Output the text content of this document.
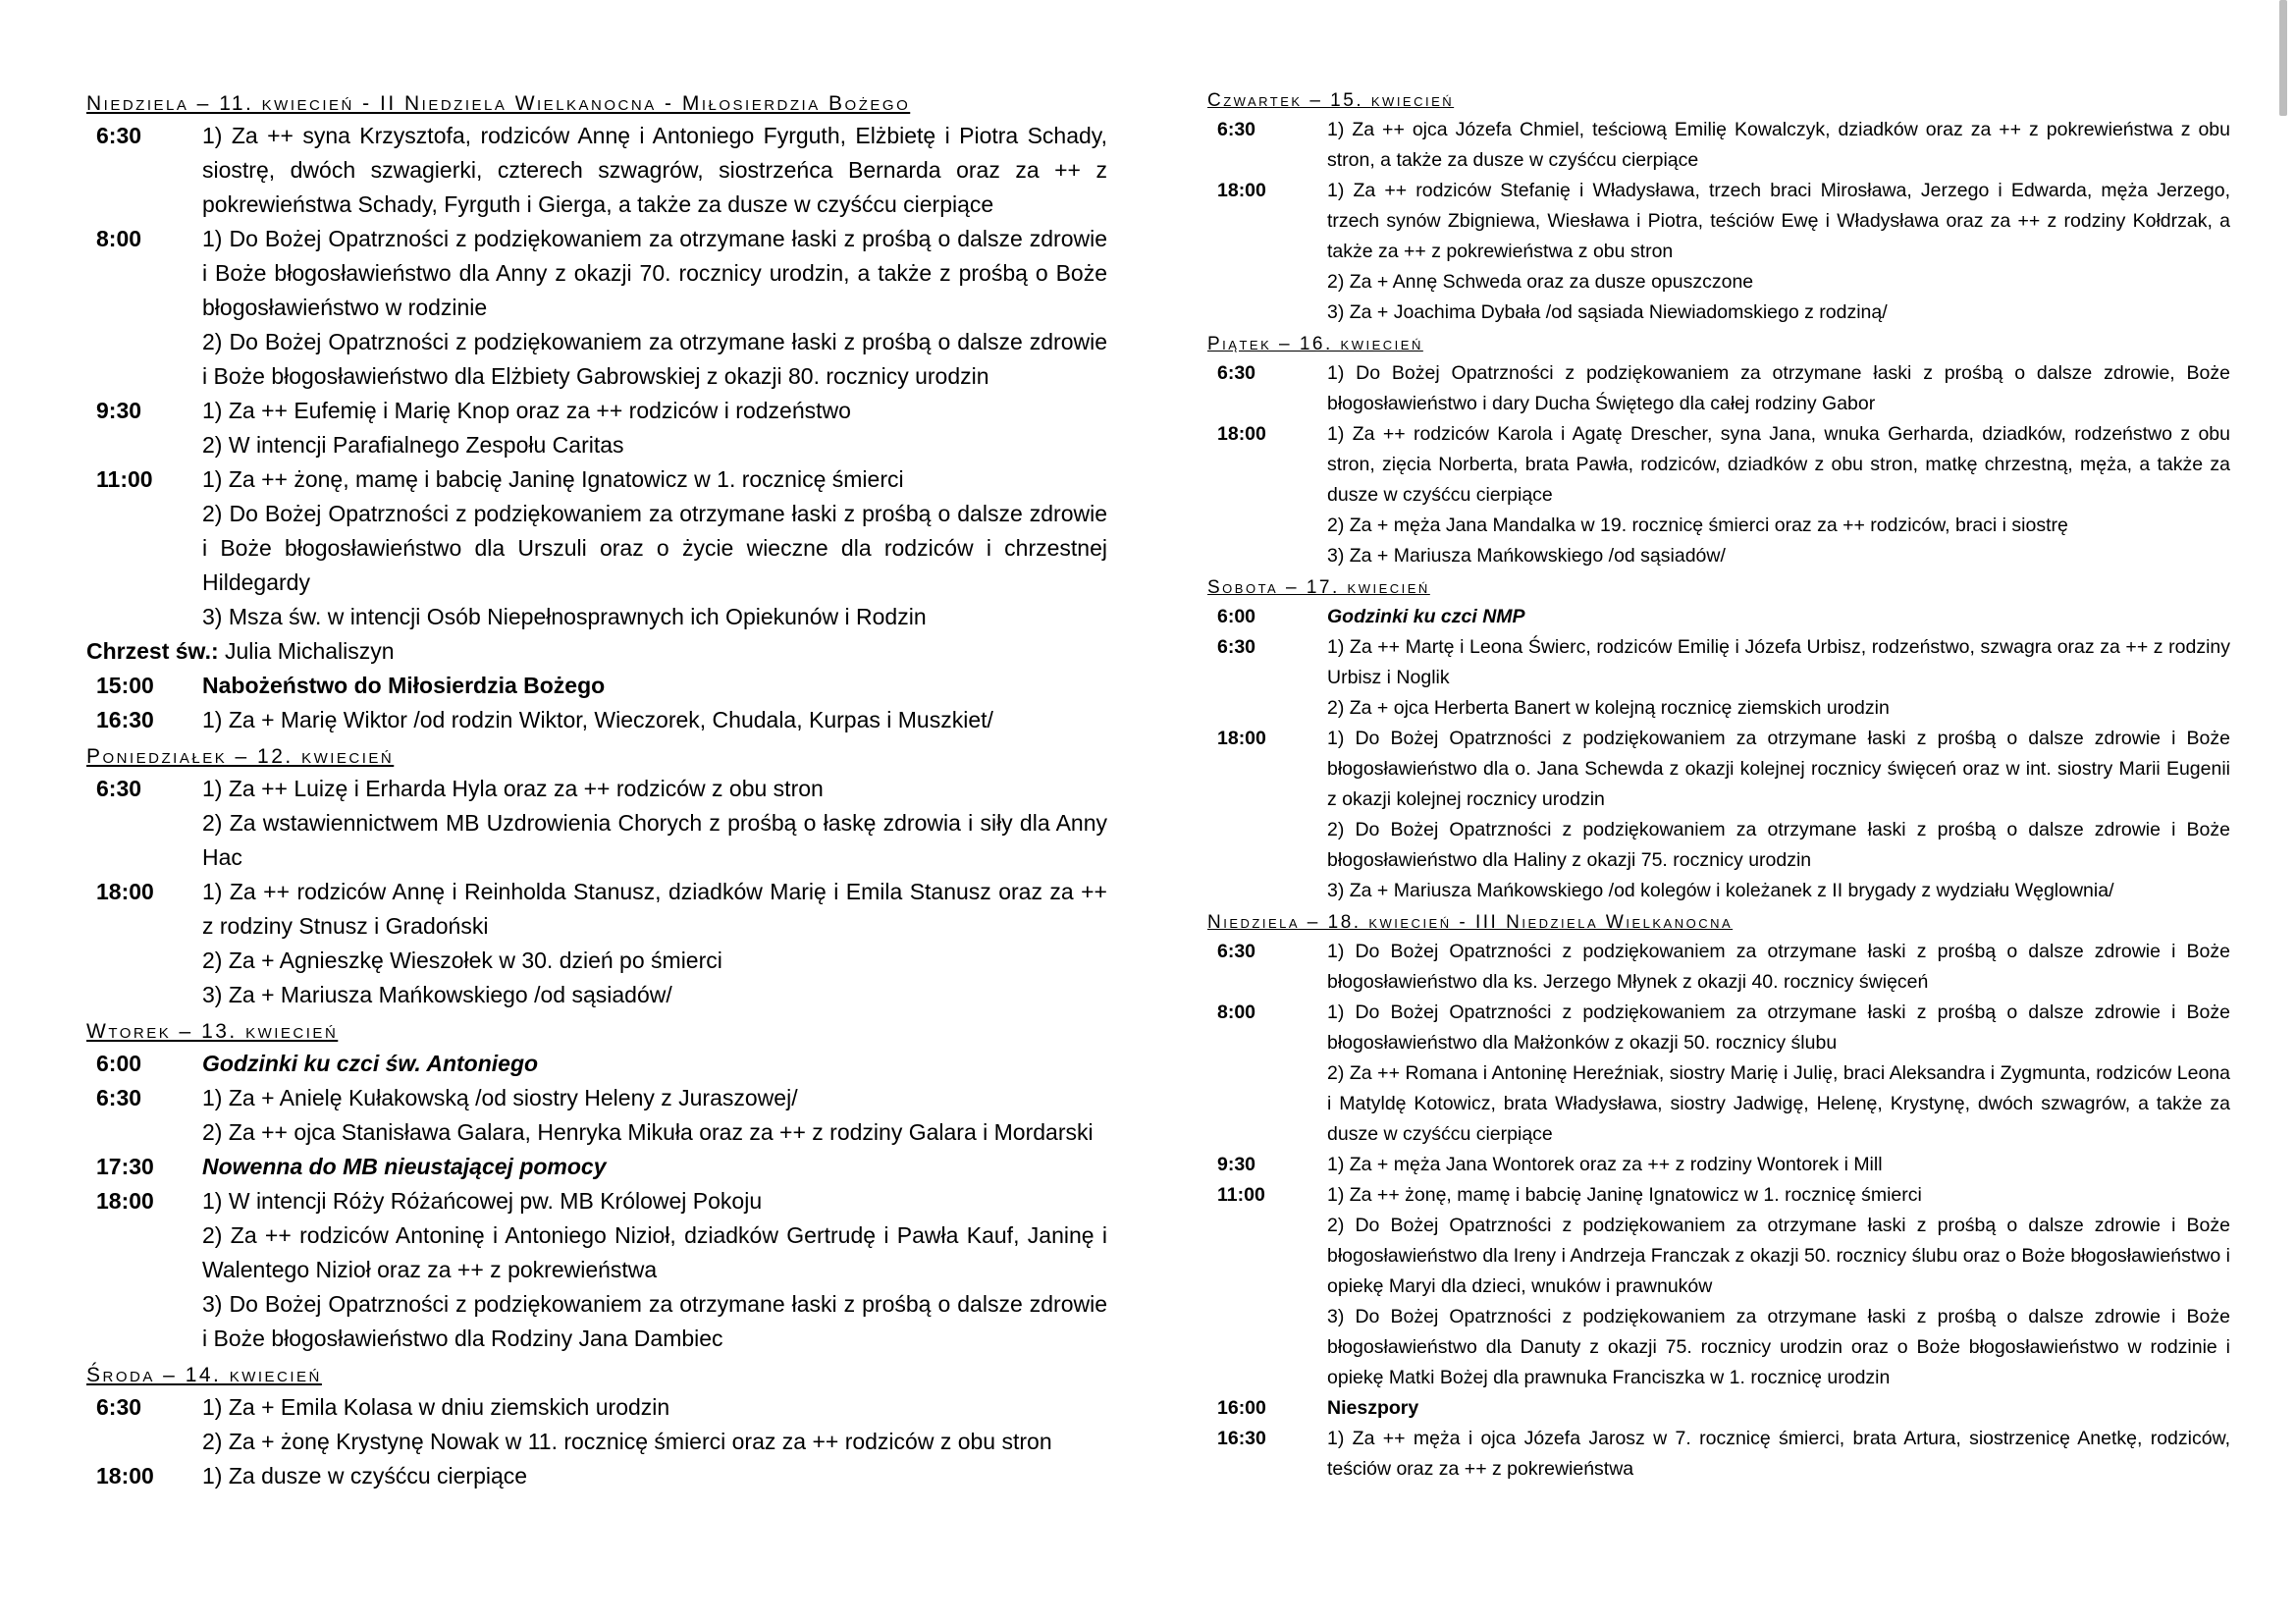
Niedziela – 11. kwiecień - II Niedziela Wielkanocna - Miłosierdzia Bożego
6:30	1) Za ++ syna Krzysztofa, rodziców Annę i Antoniego Fyrguth, Elżbietę i Piotra Schady, siostrę, dwóch szwagierki, czterech szwagrów, siostrzeńca Bernarda oraz za ++ z pokrewieństwa Schady, Fyrguth i Gierga, a także za dusze w czyśćcu cierpiące
8:00	1) Do Bożej Opatrzności z podziękowaniem za otrzymane łaski z prośbą o dalsze zdrowie i Boże błogosławieństwo dla Anny z okazji 70. rocznicy urodzin, a także z prośbą o Boże błogosławieństwo w rodzinie
2) Do Bożej Opatrzności z podziękowaniem za otrzymane łaski z prośbą o dalsze zdrowie i Boże błogosławieństwo dla Elżbiety Gabrowskiej z okazji 80. rocznicy urodzin
9:30	1) Za ++ Eufemię i Marię Knop oraz za ++ rodziców i rodzeństwo
2) W intencji Parafialnego Zespołu Caritas
11:00	1) Za ++ żonę, mamę i babcię Janinę Ignatowicz w 1. rocznicę śmierci
2) Do Bożej Opatrzności z podziękowaniem za otrzymane łaski z prośbą o dalsze zdrowie i Boże błogosławieństwo dla Urszuli oraz o życie wieczne dla rodziców i chrzestnej Hildegardy
3) Msza św. w intencji Osób Niepełnosprawnych ich Opiekunów i Rodzin
Chrzest św.: Julia Michaliszyn
15:00	Nabożeństwo do Miłosierdzia Bożego
16:30	1) Za + Marię Wiktor /od rodzin Wiktor, Wieczorek, Chudala, Kurpas i Muszkiet/
Poniedziałek – 12. kwiecień
6:30	1) Za ++ Luizę i Erharda Hyla oraz za ++ rodziców z obu stron
2) Za wstawiennictwem MB Uzdrowienia Chorych z prośbą o łaskę zdrowia i siły dla Anny Hac
18:00	1) Za ++ rodziców Annę i Reinholda Stanusz, dziadków Marię i Emila Stanusz oraz za ++ z rodziny Stnusz i Gradoński
2) Za + Agnieszkę Wieszołek w 30. dzień po śmierci
3) Za + Mariusza Mańkowskiego /od sąsiadów/
Wtorek – 13. kwiecień
6:00	Godzinki ku czci św. Antoniego
6:30	1) Za + Anielę Kułakowską /od siostry Heleny z Juraszowej/
2) Za ++ ojca Stanisława Galara, Henryka Mikuła oraz za ++ z rodziny Galara i Mordarski
17:30	Nowenna do MB nieustającej pomocy
18:00	1) W intencji Róży Różańcowej pw. MB Królowej Pokoju
2) Za ++ rodziców Antoninę i Antoniego Nizioł, dziadków Gertrudę i Pawła Kauf, Janinę i Walentego Nizioł oraz za ++ z pokrewieństwa
3) Do Bożej Opatrzności z podziękowaniem za otrzymane łaski z prośbą o dalsze zdrowie i Boże błogosławieństwo dla Rodziny Jana Dambiec
Środa – 14. kwiecień
6:30	1) Za + Emila Kolasa w dniu ziemskich urodzin
2) Za + żonę Krystynę Nowak w 11. rocznicę śmierci oraz za ++ rodziców z obu stron
18:00	1) Za dusze w czyśćcu cierpiące
Czwartek – 15. kwiecień
6:30	1) Za ++ ojca Józefa Chmiel, teściową Emilię Kowalczyk, dziadków oraz za ++ z pokrewieństwa z obu stron, a także za dusze w czyśćcu cierpiące
18:00	1) Za ++ rodziców Stefanię i Władysława, trzech braci Mirosława, Jerzego i Edwarda, męża Jerzego, trzech synów Zbigniewa, Wiesława i Piotra, teściów Ewę i Władysława oraz za ++ z rodziny Kołdrzak, a także za ++ z pokrewieństwa z obu stron
2) Za + Annę Schweda oraz za dusze opuszczone
3) Za + Joachima Dybała /od sąsiada Niewiadomskiego z rodziną/
Piątek – 16. kwiecień
6:30	1) Do Bożej Opatrzności z podziękowaniem za otrzymane łaski z prośbą o dalsze zdrowie, Boże błogosławieństwo i dary Ducha Świętego dla całej rodziny Gabor
18:00	1) Za ++ rodziców Karola i Agatę Drescher, syna Jana, wnuka Gerharda, dziadków, rodzeństwo z obu stron, zięcia Norberta, brata Pawła, rodziców, dziadków z obu stron, matkę chrzestną, męża, a także za dusze w czyśćcu cierpiące
2) Za + męża Jana Mandalka w 19. rocznicę śmierci oraz za ++ rodziców, braci i siostrę
3) Za + Mariusza Mańkowskiego /od sąsiadów/
Sobota – 17. kwiecień
6:00	Godzinki ku czci NMP
6:30	1) Za ++ Martę i Leona Świerc, rodziców Emilię i Józefa Urbisz, rodzeństwo, szwagra oraz za ++ z rodziny Urbisz i Noglik
2) Za + ojca Herberta Banert w kolejną rocznicę ziemskich urodzin
18:00	1) Do Bożej Opatrzności z podziękowaniem za otrzymane łaski z prośbą o dalsze zdrowie i Boże błogosławieństwo dla o. Jana Schewda z okazji kolejnej rocznicy święceń oraz w int. siostry Marii Eugenii z okazji kolejnej rocznicy urodzin
2) Do Bożej Opatrzności z podziękowaniem za otrzymane łaski z prośbą o dalsze zdrowie i Boże błogosławieństwo dla Haliny z okazji 75. rocznicy urodzin
3) Za + Mariusza Mańkowskiego /od kolegów i koleżanek z II brygady z wydziału Węglownia/
Niedziela – 18. kwiecień - III Niedziela Wielkanocna
6:30	1) Do Bożej Opatrzności z podziękowaniem za otrzymane łaski z prośbą o dalsze zdrowie i Boże błogosławieństwo dla ks. Jerzego Młynek z okazji 40. rocznicy święceń
8:00	1) Do Bożej Opatrzności z podziękowaniem za otrzymane łaski z prośbą o dalsze zdrowie i Boże błogosławieństwo dla Małżonków z okazji 50. rocznicy ślubu
2) Za ++ Romana i Antoninę Hereźniak, siostry Marię i Julię, braci Aleksandra i Zygmunta, rodziców Leona i Matyldę Kotowicz, brata Władysława, siostry Jadwigę, Helenę, Krystynę, dwóch szwagrów, a także za dusze w czyśćcu cierpiące
9:30	1) Za + męża Jana Wontorek oraz za ++ z rodziny Wontorek i Mill
11:00	1) Za ++ żonę, mamę i babcię Janinę Ignatowicz w 1. rocznicę śmierci
2) Do Bożej Opatrzności z podziękowaniem za otrzymane łaski z prośbą o dalsze zdrowie i Boże błogosławieństwo dla Ireny i Andrzeja Franczak z okazji 50. rocznicy ślubu oraz o Boże błogosławieństwo i opiekę Maryi dla dzieci, wnuków i prawnuków
3) Do Bożej Opatrzności z podziękowaniem za otrzymane łaski z prośbą o dalsze zdrowie i Boże błogosławieństwo dla Danuty z okazji 75. rocznicy urodzin oraz o Boże błogosławieństwo w rodzinie i opiekę Matki Bożej dla prawnuka Franciszka w 1. rocznicę urodzin
16:00	Nieszpory
16:30	1) Za ++ męża i ojca Józefa Jarosz w 7. rocznicę śmierci, brata Artura, siostrzenicę Anetkę, rodziców, teściów oraz za ++ z pokrewieństwa
